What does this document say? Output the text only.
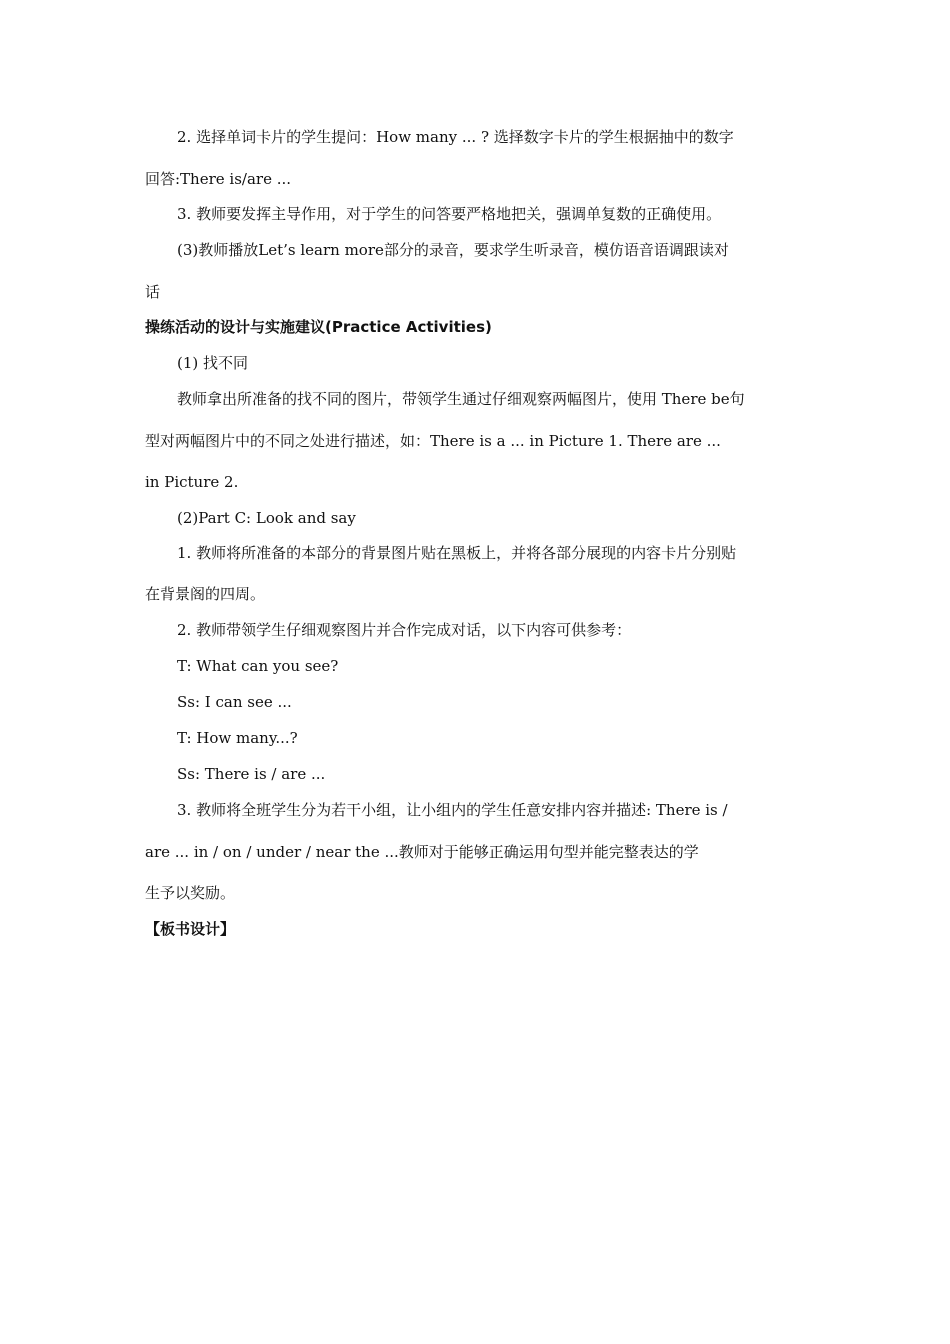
2. 选择单词卡片的学生提问：How many ... ? 选择数字卡片的学生根据抽中的数字
回答:There is/are ...
3. 教师要发挥主导作用，对于学生的问答要严格地把关，强调单复数的正确使用。
(3)教师播放Let’s learn more部分的录音，要求学生听录音，模仿语音语调跟读对
话
操练活动的设计与实施建议(Practice Activities)
(1) 找不同
教师拿出所准备的找不同的图片，带领学生通过仔细观察两幅图片，使用 There be句
型对两幅图片中的不同之处进行描述，如：There is a ... in Picture 1. There are ...
in Picture 2.
(2)Part C: Look and say
1. 教师将所准备的本部分的背景图片贴在黑板上，并将各部分展现的内容卡片分别贴
在背景阁的四周。
2. 教师带领学生仔细观察图片并合作完成对话，以下内容可供参考：
T: What can you see?
Ss: I can see ...
T: How many...?
Ss: There is / are ...
3. 教师将全班学生分为若干小组，让小组内的学生任意安排内容并描述: There is /
are ... in / on / under / near the ...教师对于能够正确运用句型并能完整表达的学
生予以奖励。
【板书设计】
